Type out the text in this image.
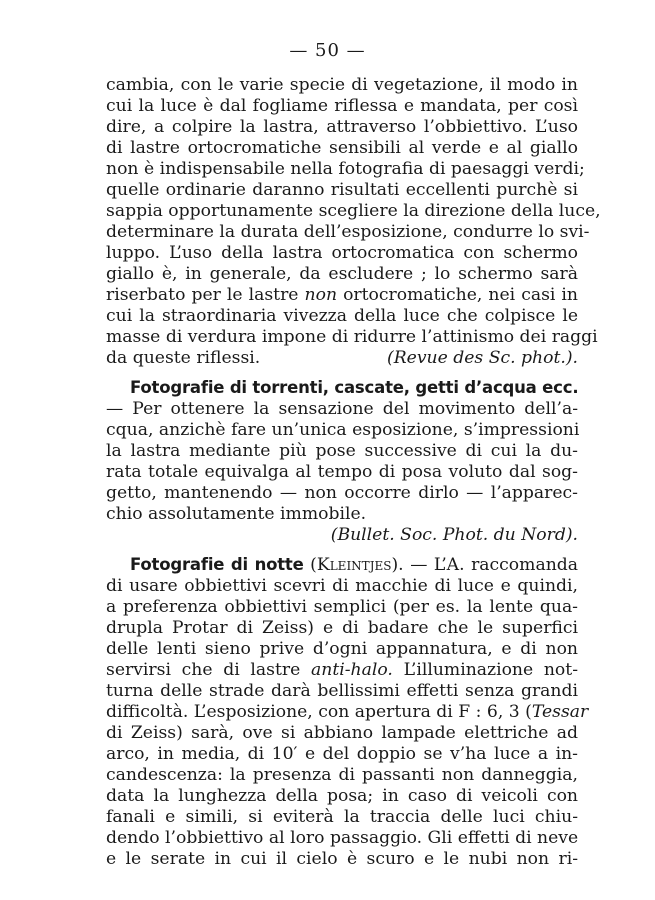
— 50 —
cambia, con le varie specie di vegetazione, il modo in
cui la luce è dal fogliame riflessa e mandata, per così
dire, a colpire la lastra, attraverso l’obbiettivo. L’uso
di lastre ortocromatiche sensibili al verde e al giallo
non è indispensabile nella fotografia di paesaggi verdi;
quelle ordinarie daranno risultati eccellenti purchè si
sappia opportunamente scegliere la direzione della luce,
determinare la durata dell’esposizione, condurre lo svi-
luppo. L’uso della lastra ortocromatica con schermo
giallo è, in generale, da escludere ; lo schermo sarà
riserbato per le lastre non ortocromatiche, nei casi in
cui la straordinaria vivezza della luce che colpisce le
masse di verdura impone di ridurre l’attinismo dei raggi
da queste riflessi.	(Revue des Sc. phot.).
Fotografie di torrenti, cascate, getti d’acqua ecc.
— Per ottenere la sensazione del movimento dell’a-
cqua, anzichè fare un’unica esposizione, s’impressioni
la lastra mediante più pose successive di cui la du-
rata totale equivalga al tempo di posa voluto dal sog-
getto, mantenendo — non occorre dirlo — l’apparec-
chio assolutamente immobile.
(Bullet. Soc. Phot. du Nord).
Fotografie di notte (Kleintjes). — L’A. raccomanda
di usare obbiettivi scevri di macchie di luce e quindi,
a preferenza obbiettivi semplici (per es. la lente qua-
drupla Protar di Zeiss) e di badare che le superfici
delle lenti sieno prive d’ogni appannatura, e di non
servirsi che di lastre anti-halo. L’illuminazione not-
turna delle strade darà bellissimi effetti senza grandi
difficoltà. L’esposizione, con apertura di F : 6, 3 (Tessar
di Zeiss) sarà, ove si abbiano lampade elettriche ad
arco, in media, di 10′ e del doppio se v’ha luce a in-
candescenza: la presenza di passanti non danneggia,
data la lunghezza della posa; in caso di veicoli con
fanali e simili, si eviterà la traccia delle luci chiu-
dendo l’obbiettivo al loro passaggio. Gli effetti di neve
e le serate in cui il cielo è scuro e le nubi non ri-
